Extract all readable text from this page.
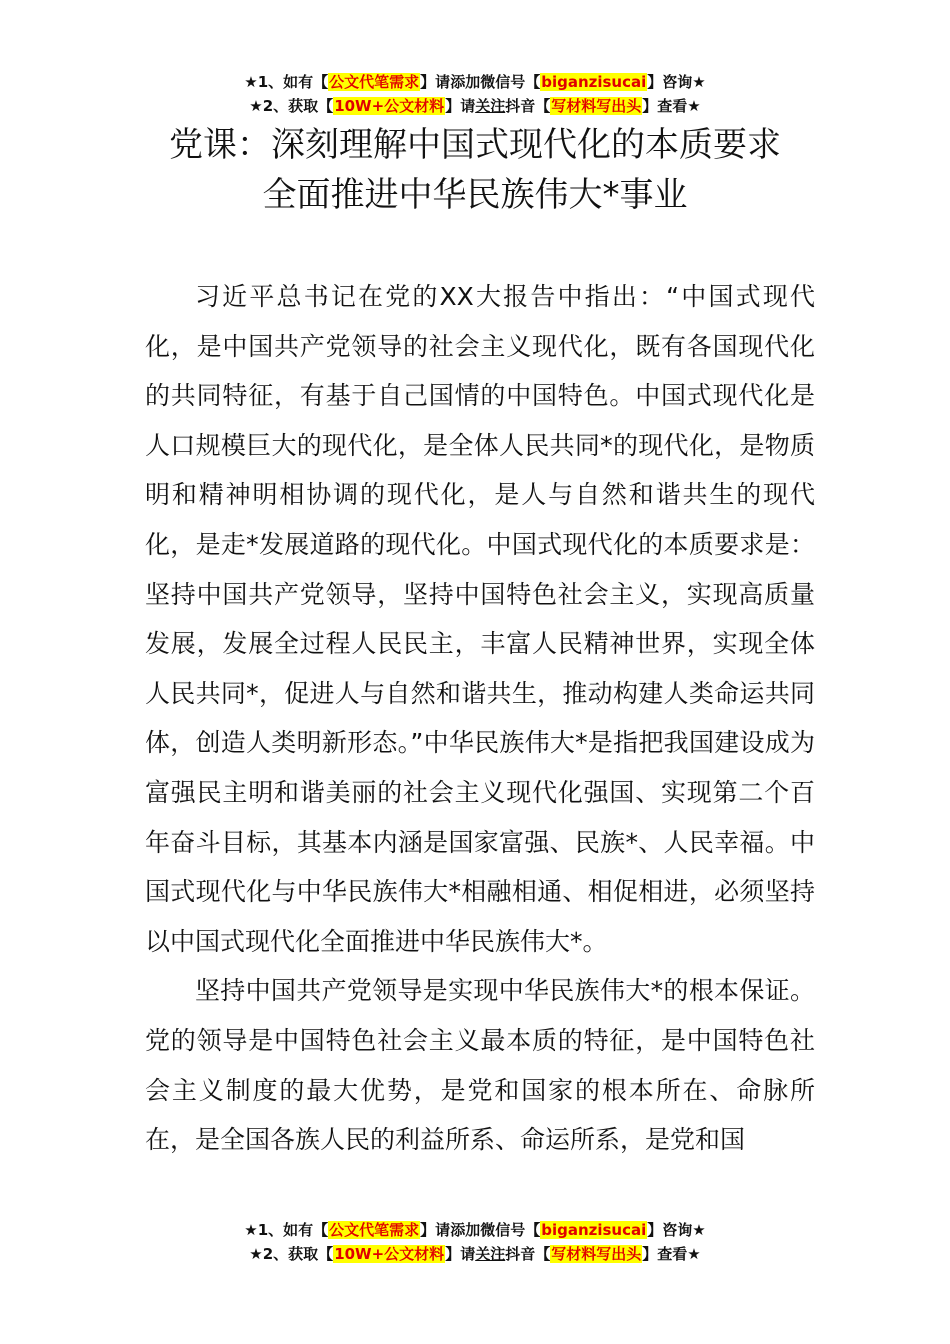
★1、如有【公文代笔需求】请添加微信号【biganzisucai】咨询★
★2、获取【10W+公文材料】请关注抖音【写材料写出头】查看★
党课：深刻理解中国式现代化的本质要求
全面推进中华民族伟大*事业

习近平总书记在党的XX大报告中指出：“中国式现代化，是中国共产党领导的社会主义现代化，既有各国现代化的共同特征，有基于自己国情的中国特色。中国式现代化是人口规模巨大的现代化，是全体人民共同*的现代化，是物质明和精神明相协调的现代化，是人与自然和谐共生的现代化，是走*发展道路的现代化。中国式现代化的本质要求是：坚持中国共产党领导，坚持中国特色社会主义，实现高质量发展，发展全过程人民民主，丰富人民精神世界，实现全体人民共同*，促进人与自然和谐共生，推动构建人类命运共同体，创造人类明新形态。”中华民族伟大*是指把我国建设成为富强民主明和谐美丽的社会主义现代化强国、实现第二个百年奋斗目标，其基本内涵是国家富强、民族*、人民幸福。中国式现代化与中华民族伟大*相融相通、相促相进，必须坚持以中国式现代化全面推进中华民族伟大*。

坚持中国共产党领导是实现中华民族伟大*的根本保证。党的领导是中国特色社会主义最本质的特征，是中国特色社会主义制度的最大优势，是党和国家的根本所在、命脉所在，是全国各族人民的利益所系、命运所系，是党和国

★1、如有【公文代笔需求】请添加微信号【biganzisucai】咨询★
★2、获取【10W+公文材料】请关注抖音【写材料写出头】查看★
